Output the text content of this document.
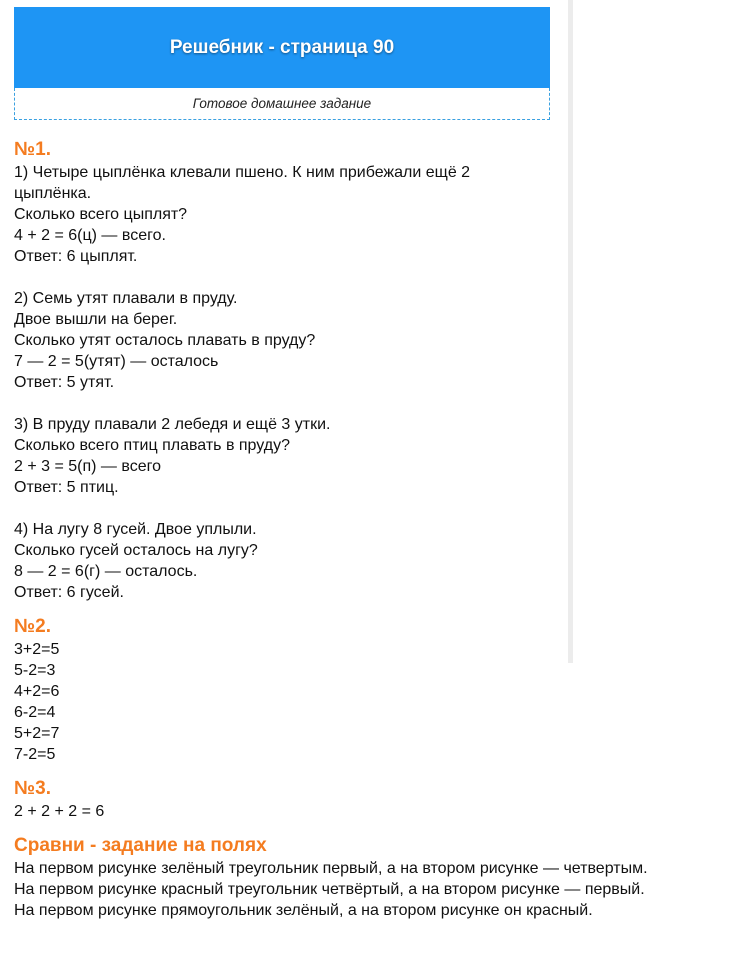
Решебник - страница 90
Готовое домашнее задание

№1.

1) Четыре цыплёнка клевали пшено. К ним прибежали ещё 2

цыплёнка.

Сколько всего цыплят?

4 + 2 = 6(ц) — всего.

Ответ: 6 цыплят.

2) Семь утят плавали в пруду.

Двое вышли на берег.

Сколько утят осталось плавать в пруду?

7 — 2 = 5(утят) — осталось

Ответ: 5 утят.

3) В пруду плавали 2 лебедя и ещё 3 утки.

Сколько всего птиц плавать в пруду?

2 + 3 = 5(п) — всего

Ответ: 5 птиц.

4) На лугу 8 гусей. Двое уплыли.

Сколько гусей осталось на лугу?

8 — 2 = 6(г) — осталось.

Ответ: 6 гусей.

№2.

3+2=5

5-2=3

4+2=6

6-2=4

5+2=7

7-2=5

№3.

2 + 2 + 2 = 6

Сравни - задание на полях

На первом рисунке зелёный треугольник первый, а на втором рисунке — четвертым.

На первом рисунке красный треугольник четвёртый, а на втором рисунке — первый.

На первом рисунке прямоугольник зелёный, а на втором рисунке он красный.
